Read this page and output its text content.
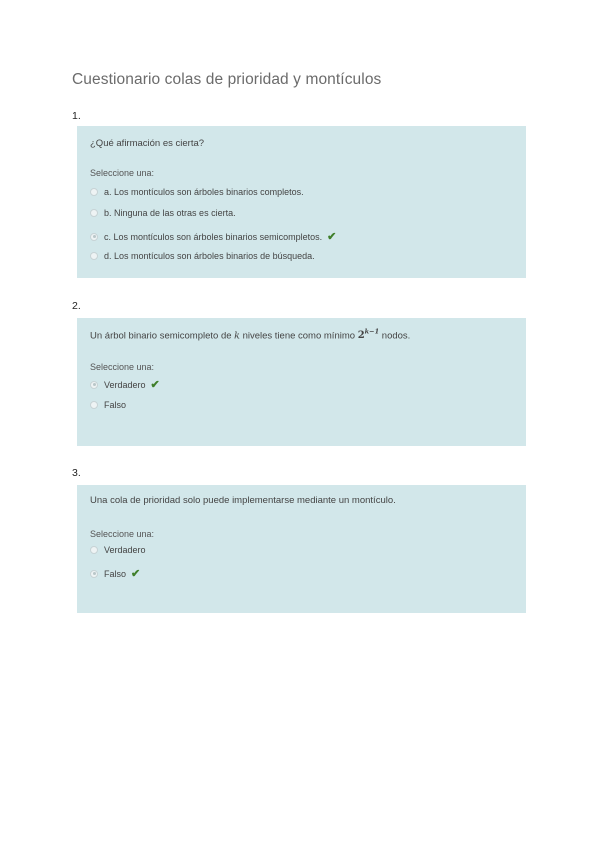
Cuestionario colas de prioridad y montículos
1.
¿Qué afirmación es cierta?
Seleccione una:
a. Los montículos son árboles binarios completos.
b. Ninguna de las otras es cierta.
c. Los montículos son árboles binarios semicompletos. ✔
d. Los montículos son árboles binarios de búsqueda.
2.
Un árbol binario semicompleto de k niveles tiene como mínimo $2^{k-1}$ nodos.
Seleccione una:
Verdadero ✔
Falso
3.
Una cola de prioridad solo puede implementarse mediante un montículo.
Seleccione una:
Verdadero
Falso ✔
